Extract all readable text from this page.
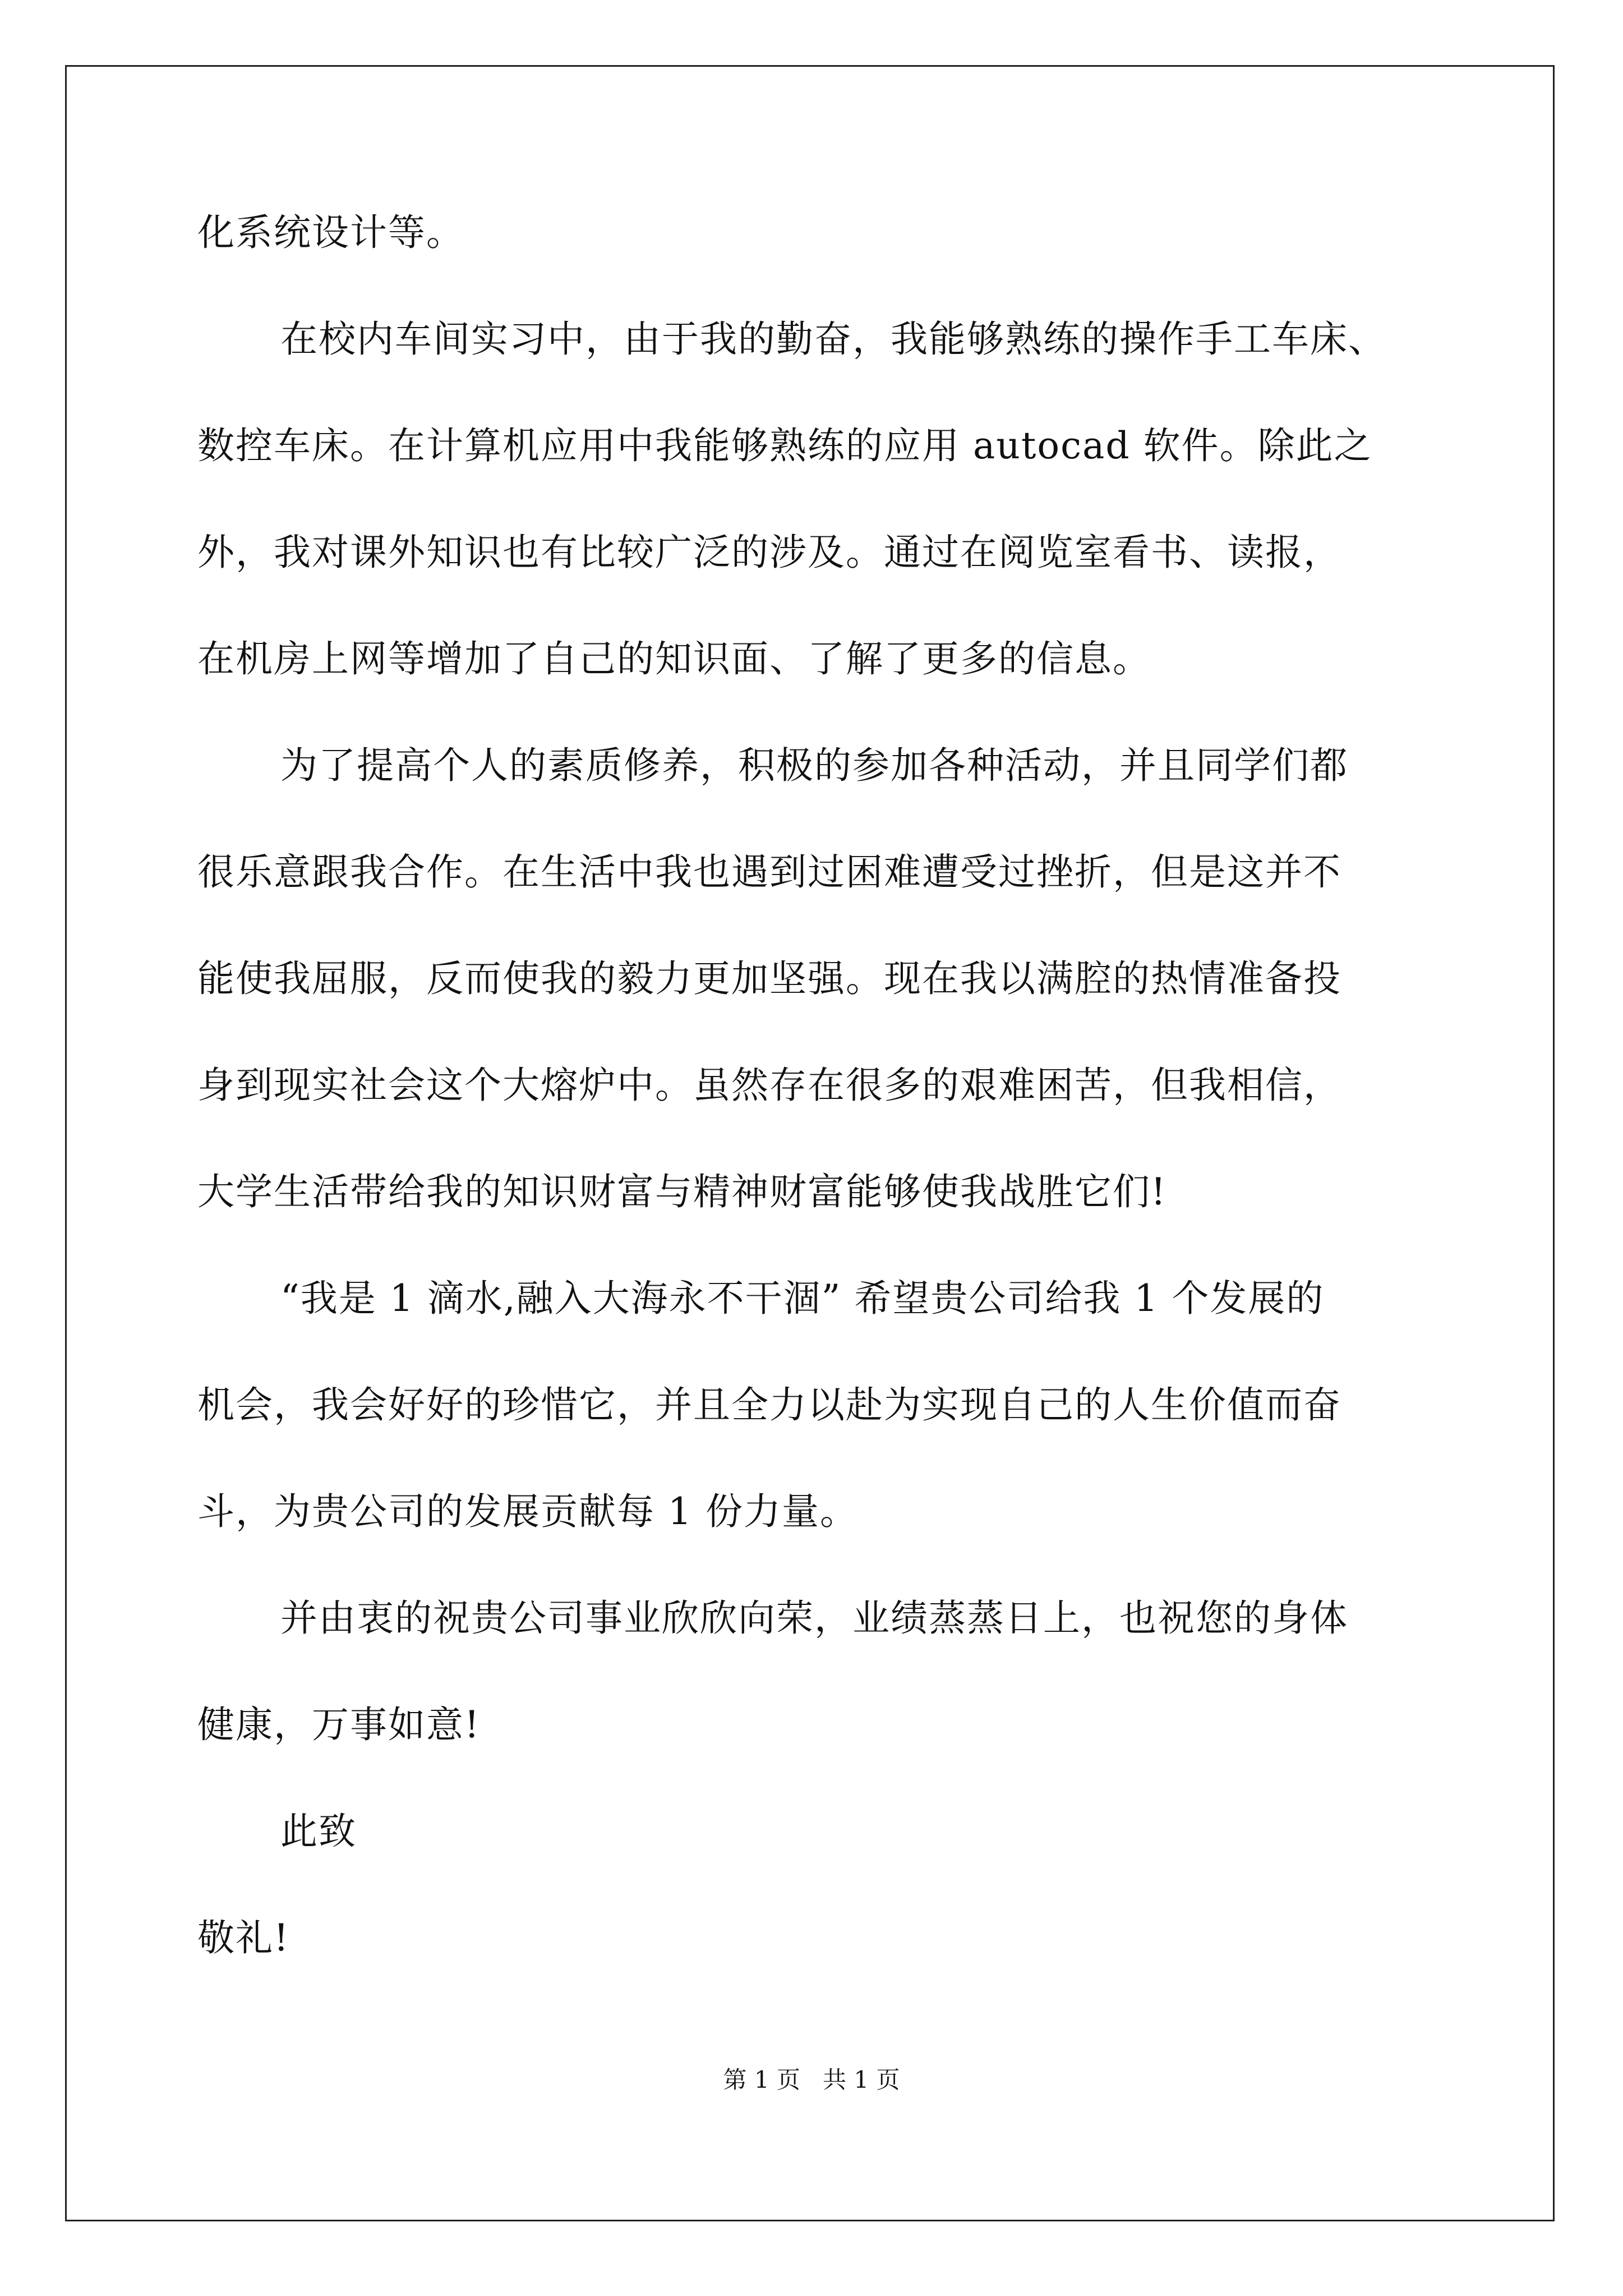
化系统设计等。
在校内车间实习中，由于我的勤奋，我能够熟练的操作手工车床、
数控车床。在计算机应用中我能够熟练的应用 autocad 软件。除此之
外，我对课外知识也有比较广泛的涉及。通过在阅览室看书、读报，
在机房上网等增加了自己的知识面、了解了更多的信息。
为了提高个人的素质修养，积极的参加各种活动，并且同学们都
很乐意跟我合作。在生活中我也遇到过困难遭受过挫折，但是这并不
能使我屈服，反而使我的毅力更加坚强。现在我以满腔的热情准备投
身到现实社会这个大熔炉中。虽然存在很多的艰难困苦，但我相信，
大学生活带给我的知识财富与精神财富能够使我战胜它们!
“我是 1 滴水,融入大海永不干涸” 希望贵公司给我 1 个发展的
机会，我会好好的珍惜它，并且全力以赴为实现自己的人生价值而奋
斗，为贵公司的发展贡献每 1 份力量。
并由衷的祝贵公司事业欣欣向荣，业绩蒸蒸日上，也祝您的身体
健康，万事如意!
此致
敬礼!
第 1 页   共 1 页
